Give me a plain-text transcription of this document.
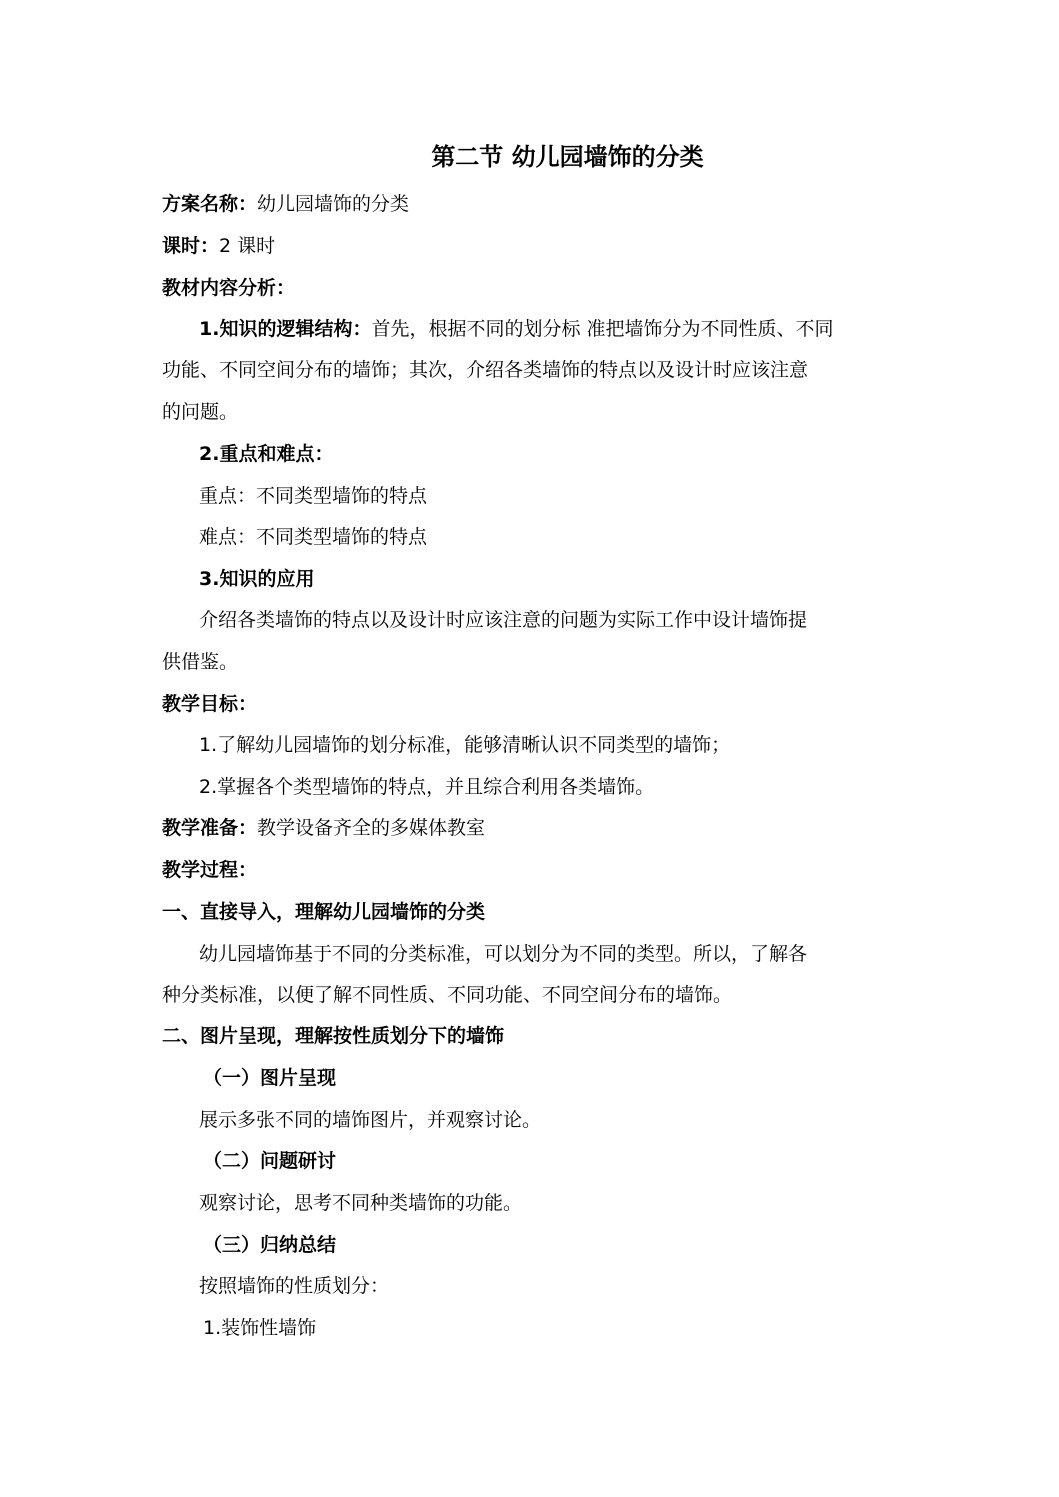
第二节 幼儿园墙饰的分类
方案名称：幼儿园墙饰的分类
课时：2 课时
教材内容分析：
1.知识的逻辑结构：首先，根据不同的划分标 准把墙饰分为不同性质、不同
功能、不同空间分布的墙饰；其次，介绍各类墙饰的特点以及设计时应该注意
的问题。
2.重点和难点：
重点：不同类型墙饰的特点
难点：不同类型墙饰的特点
3.知识的应用
介绍各类墙饰的特点以及设计时应该注意的问题为实际工作中设计墙饰提
供借鉴。
教学目标：
1.了解幼儿园墙饰的划分标准，能够清晰认识不同类型的墙饰；
2.掌握各个类型墙饰的特点，并且综合利用各类墙饰。
教学准备：教学设备齐全的多媒体教室
教学过程：
一、直接导入，理解幼儿园墙饰的分类
幼儿园墙饰基于不同的分类标准，可以划分为不同的类型。所以，了解各
种分类标准，以便了解不同性质、不同功能、不同空间分布的墙饰。
二、图片呈现，理解按性质划分下的墙饰
（一）图片呈现
展示多张不同的墙饰图片，并观察讨论。
（二）问题研讨
观察讨论，思考不同种类墙饰的功能。
（三）归纳总结
按照墙饰的性质划分：
1.装饰性墙饰
